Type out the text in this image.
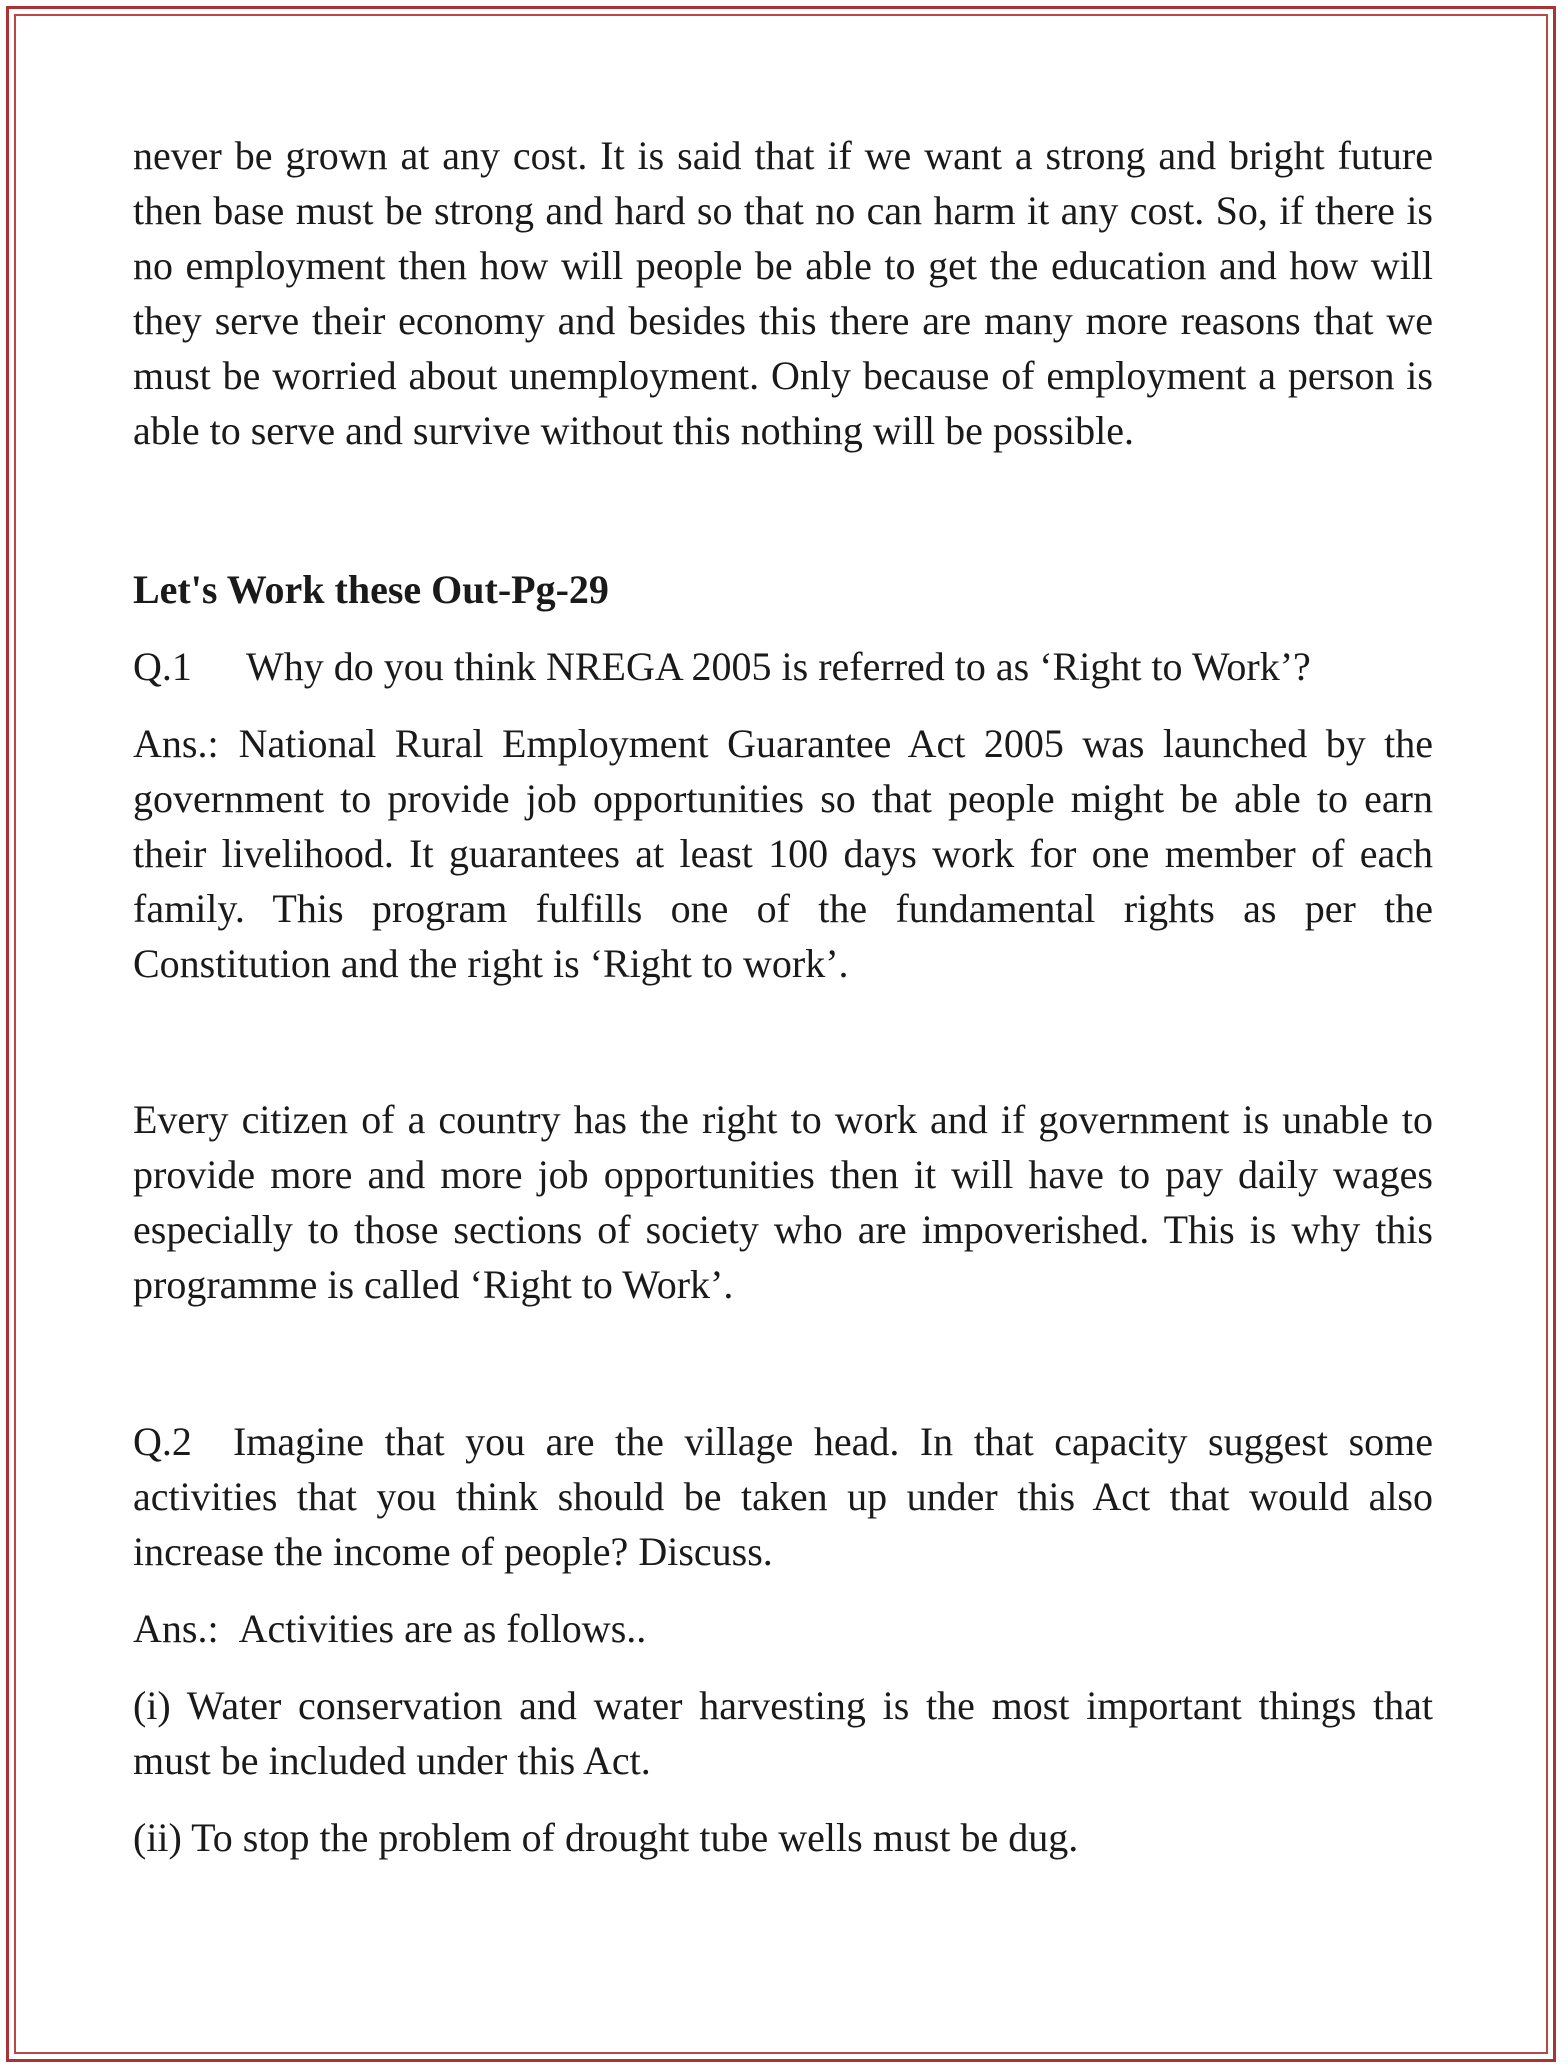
never be grown at any cost. It is said that if we want a strong and bright future then base must be strong and hard so that no can harm it any cost. So, if there is no employment then how will people be able to get the education and how will they serve their economy and besides this there are many more reasons that we must be worried about unemployment. Only because of employment a person is able to serve and survive without this nothing will be possible.

Let's Work these Out-Pg-29

Q.1	Why do you think NREGA 2005 is referred to as ‘Right to Work’?

Ans.: National Rural Employment Guarantee Act 2005 was launched by the government to provide job opportunities so that people might be able to earn their livelihood. It guarantees at least 100 days work for one member of each family. This program fulfills one of the fundamental rights as per the Constitution and the right is ‘Right to work’.

Every citizen of a country has the right to work and if government is unable to provide more and more job opportunities then it will have to pay daily wages especially to those sections of society who are impoverished. This is why this programme is called ‘Right to Work’.

Q.2 Imagine that you are the village head. In that capacity suggest some activities that you think should be taken up under this Act that would also increase the income of people? Discuss.

Ans.: Activities are as follows..

(i) Water conservation and water harvesting is the most important things that must be included under this Act.

(ii) To stop the problem of drought tube wells must be dug.
